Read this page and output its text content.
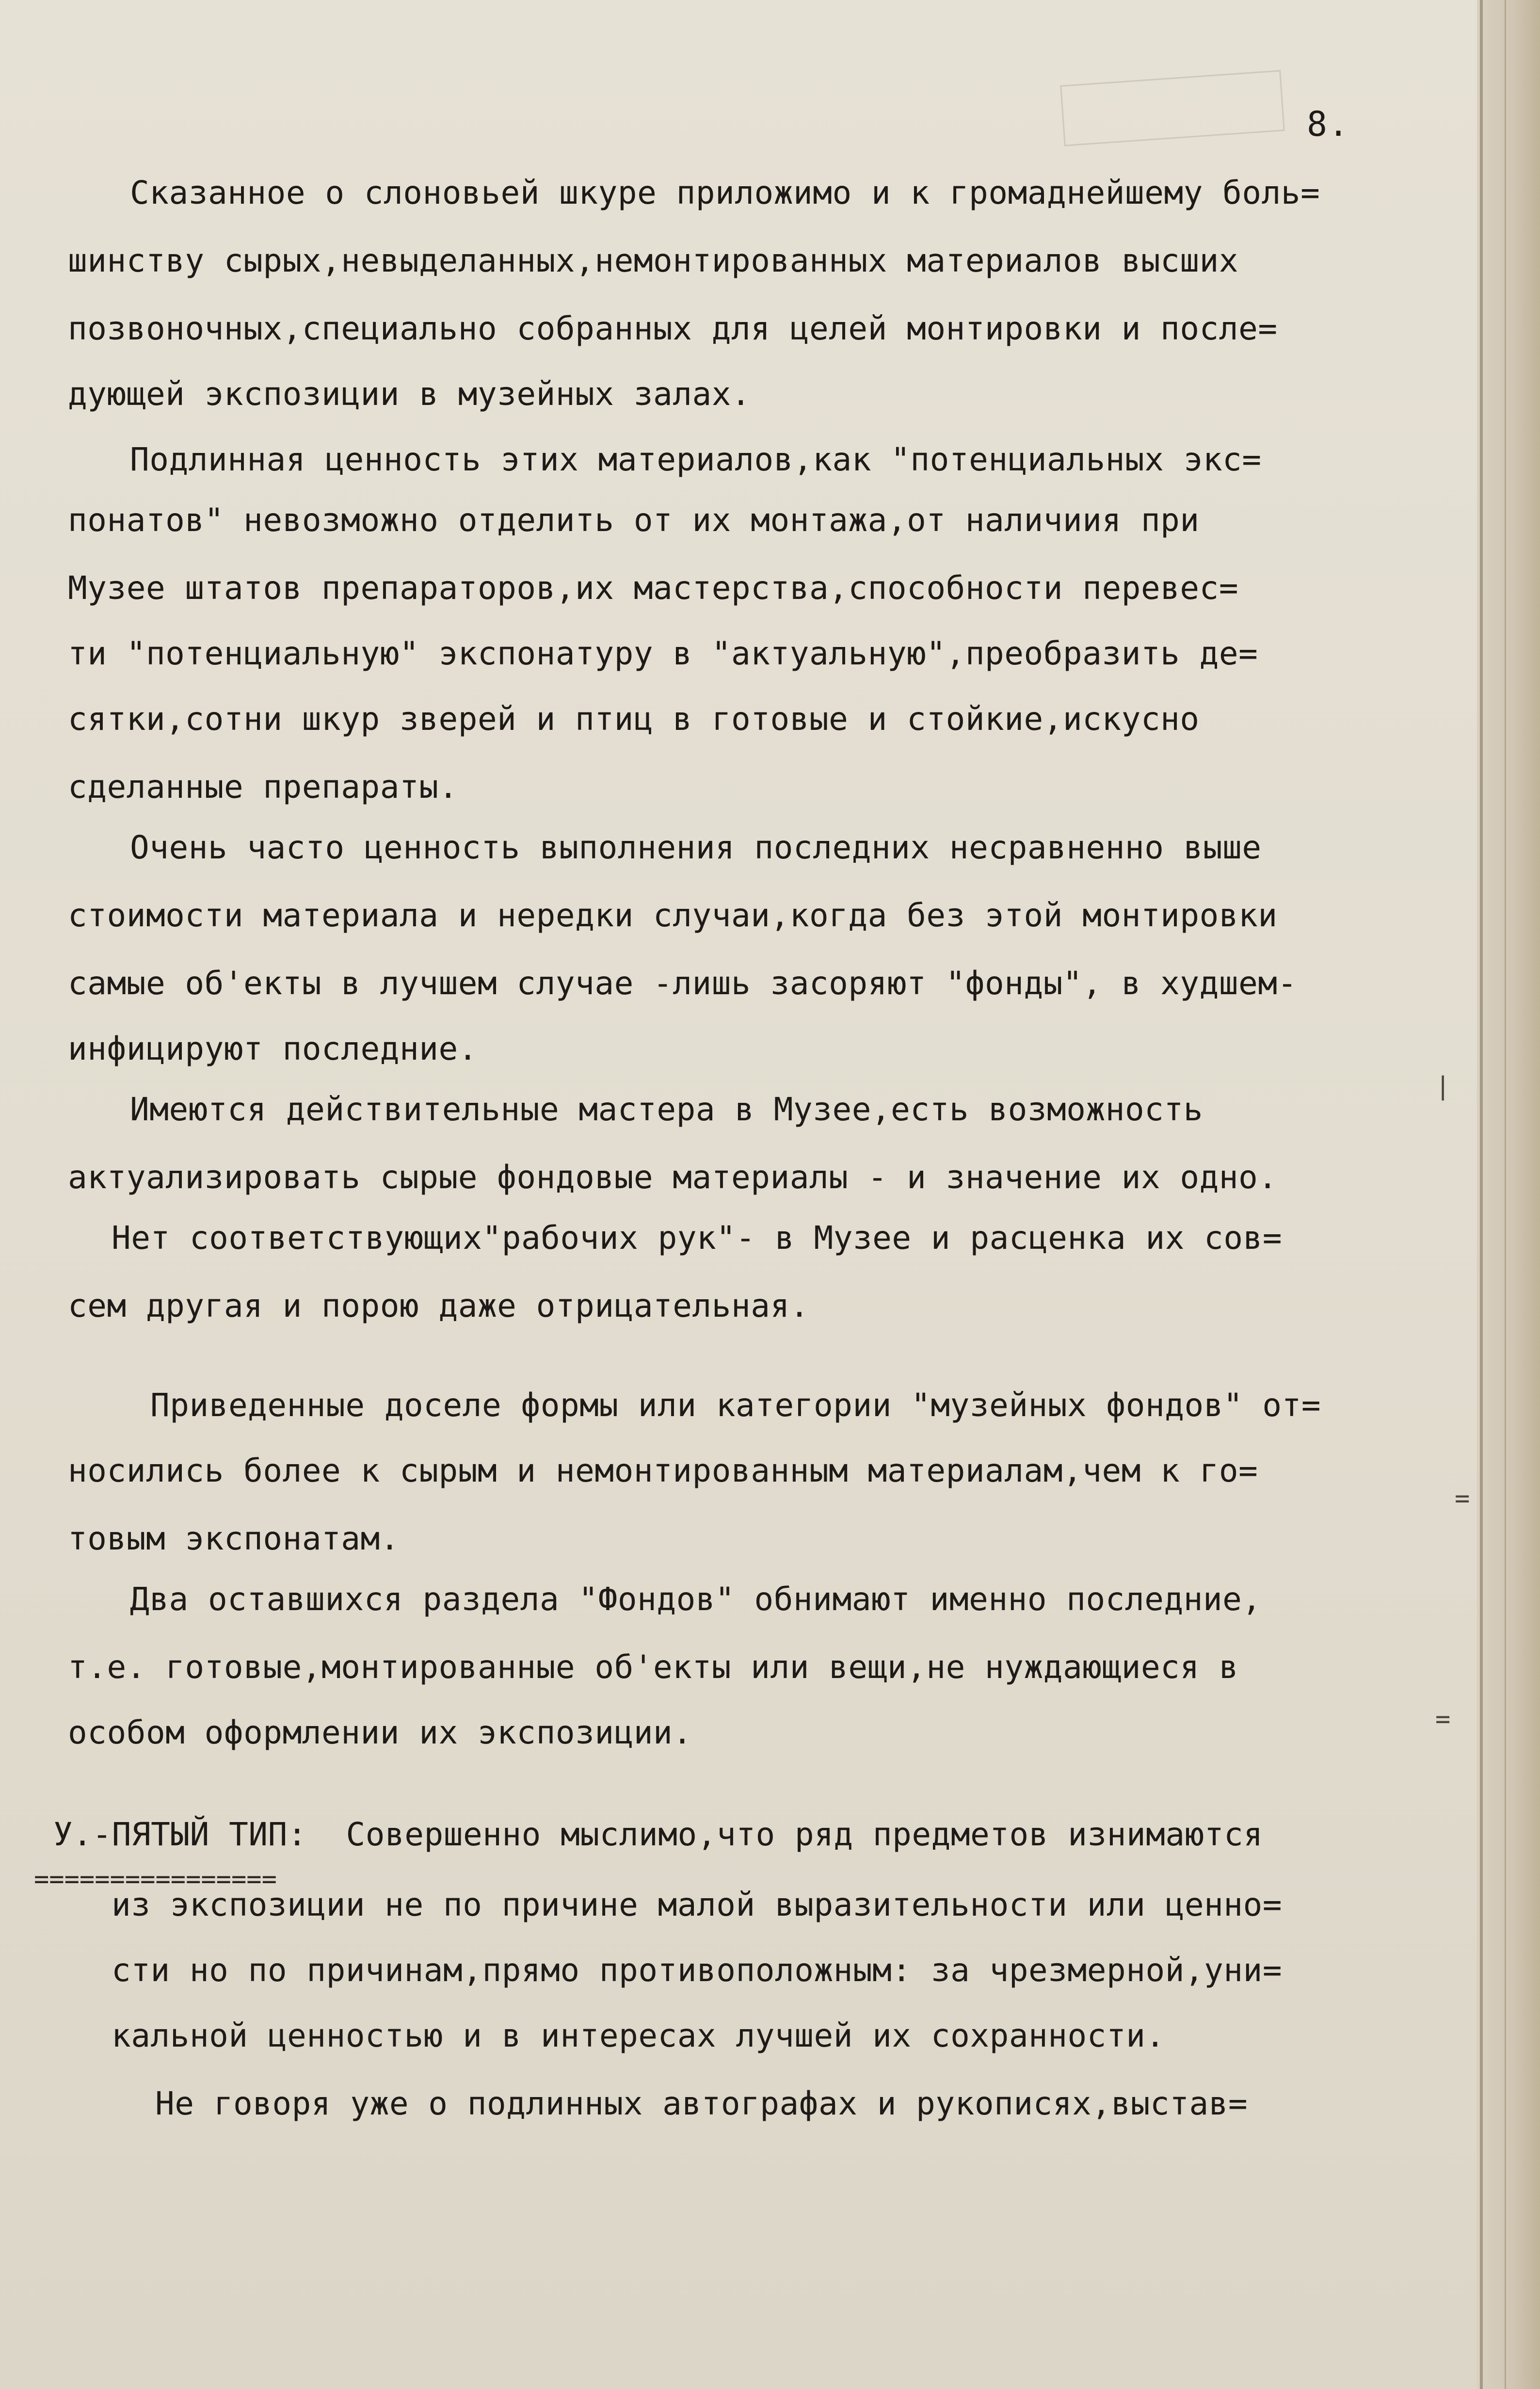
8.
Сказанное о слоновьей шкуре приложимо и к громаднейшему боль=
шинству сырых,невыделанных,немонтированных материалов высших
позвоночных,специально собранных для целей монтировки и после=
дующей экспозиции в музейных залах.
Подлинная ценность этих материалов,как "потенциальных экс=
понатов" невозможно отделить от их монтажа,от наличиия при
Музее штатов препараторов,их мастерства,способности перевес=
ти "потенциальную" экспонатуру в "актуальную",преобразить де=
сятки,сотни шкур зверей и птиц в готовые и стойкие,искусно
сделанные препараты.
Очень часто ценность выполнения последних несравненно выше
стоимости материала и нередки случаи,когда без этой монтировки
самые об'екты в лучшем случае -лишь засоряют "фонды", в худшем-
инфицируют последние.
Имеются действительные мастера в Музее,есть возможность
актуализировать сырые фондовые материалы - и значение их одно.
Нет соответствующих"рабочих рук"- в Музее и расценка их сов=
сем другая и порою даже отрицательная.
Приведенные доселе формы или категории "музейных фондов" от=
носились более к сырым и немонтированным материалам,чем к го=
товым экспонатам.
Два оставшихся раздела "Фондов" обнимают именно последние,
т.е. готовые,монтированные об'екты или вещи,не нуждающиеся в
особом оформлении их экспозиции.
У.-ПЯТЫЙ ТИП:  Совершенно мыслимо,что ряд предметов изнимаются
================
из экспозиции не по причине малой выразительности или ценно=
сти но по причинам,прямо противоположным: за чрезмерной,уни=
кальной ценностью и в интересах лучшей их сохранности.
Не говоря уже о подлинных автографах и рукописях,выстав=
|
=
=
